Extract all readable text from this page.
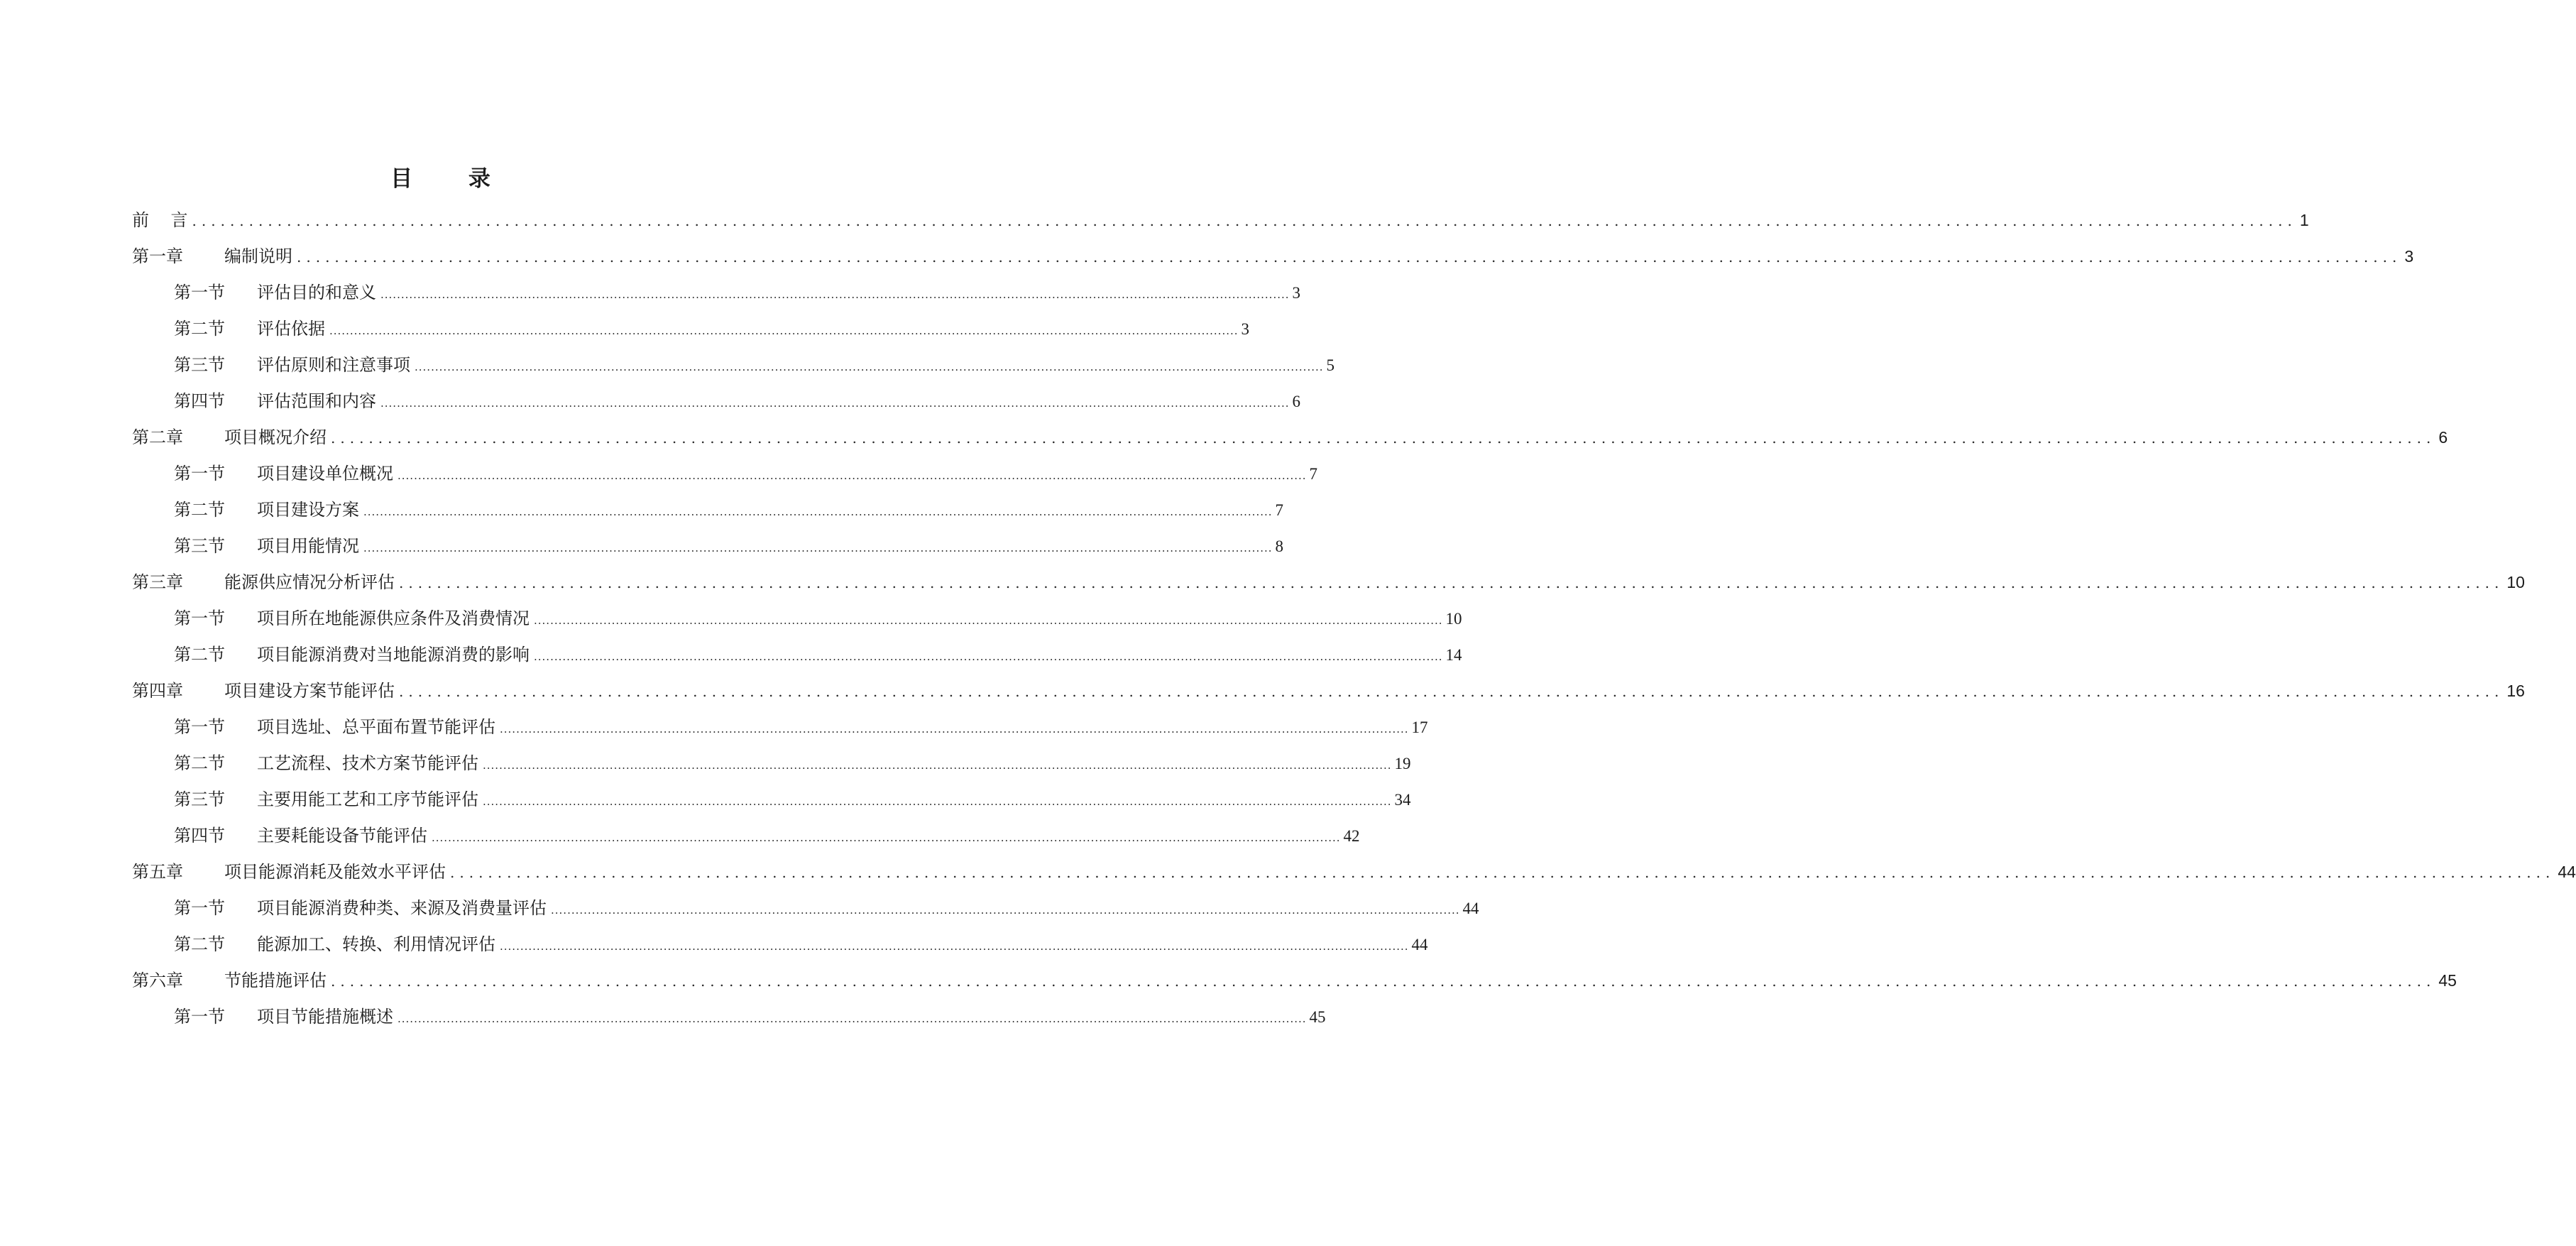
目 录
前    言 .............................................................................................................................................................................................................................. 1
第一章	编制说明 .............................................................................................................................................................................................................................. 3
第一节	评估目的和意义 .............................................................................................................................................................................................................................. 3
第二节	评估依据 .............................................................................................................................................................................................................................. 3
第三节	评估原则和注意事项 .............................................................................................................................................................................................................................. 5
第四节	评估范围和内容 .............................................................................................................................................................................................................................. 6
第二章	项目概况介绍 .............................................................................................................................................................................................................................. 6
第一节	项目建设单位概况 .............................................................................................................................................................................................................................. 7
第二节	项目建设方案 .............................................................................................................................................................................................................................. 7
第三节	项目用能情况 .............................................................................................................................................................................................................................. 8
第三章	能源供应情况分析评估 .............................................................................................................................................................................................................................. 10
第一节	项目所在地能源供应条件及消费情况 .............................................................................................................................................................................................................................. 10
第二节	项目能源消费对当地能源消费的影响 .............................................................................................................................................................................................................................. 14
第四章	项目建设方案节能评估 .............................................................................................................................................................................................................................. 16
第一节	项目选址、总平面布置节能评估 .............................................................................................................................................................................................................................. 17
第二节	工艺流程、技术方案节能评估 .............................................................................................................................................................................................................................. 19
第三节	主要用能工艺和工序节能评估 .............................................................................................................................................................................................................................. 34
第四节	主要耗能设备节能评估 .............................................................................................................................................................................................................................. 42
第五章	项目能源消耗及能效水平评估 .............................................................................................................................................................................................................................. 44
第一节	项目能源消费种类、来源及消费量评估 .............................................................................................................................................................................................................................. 44
第二节	能源加工、转换、利用情况评估 .............................................................................................................................................................................................................................. 44
第六章	节能措施评估 .............................................................................................................................................................................................................................. 45
第一节	项目节能措施概述 .............................................................................................................................................................................................................................. 45
